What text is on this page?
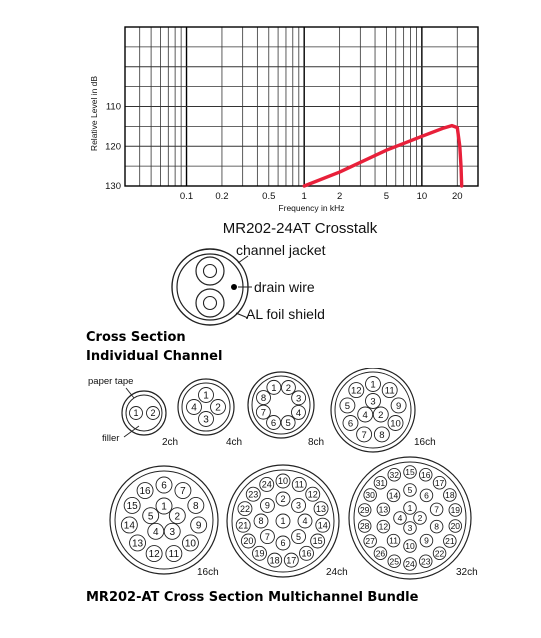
0.1 0.2	0.5	1	2	5	10	20
110
120
130
Frequency in kHz
Relative Level in dB
MR202-24AT Crosstalk
channel jacket
drain wire
AL foil shield
Cross Section
Individual Channel
1 2
2ch
1
2
3
4
4ch
1 2
3
4
5
6
7
8
8ch
1
11
9
10
8
7
6
5
12
3
2
4
16ch
6
7
8
9
10
11
12
13
14
15
16
1
2
3
4
5
16ch
10 11
12
13
14
15
16
17
18
19
20
21
22
23
24
2
3
4
5
6
7
8
9
1
24ch
15 16
17
18
19
20
21
22
23
24
25
26
27
28
29
30
31
32
5
6
7
8
9
10
11
12
13
14
1
2
3
4
32ch
paper tape
filler
MR202-AT Cross Section Multichannel Bundle
